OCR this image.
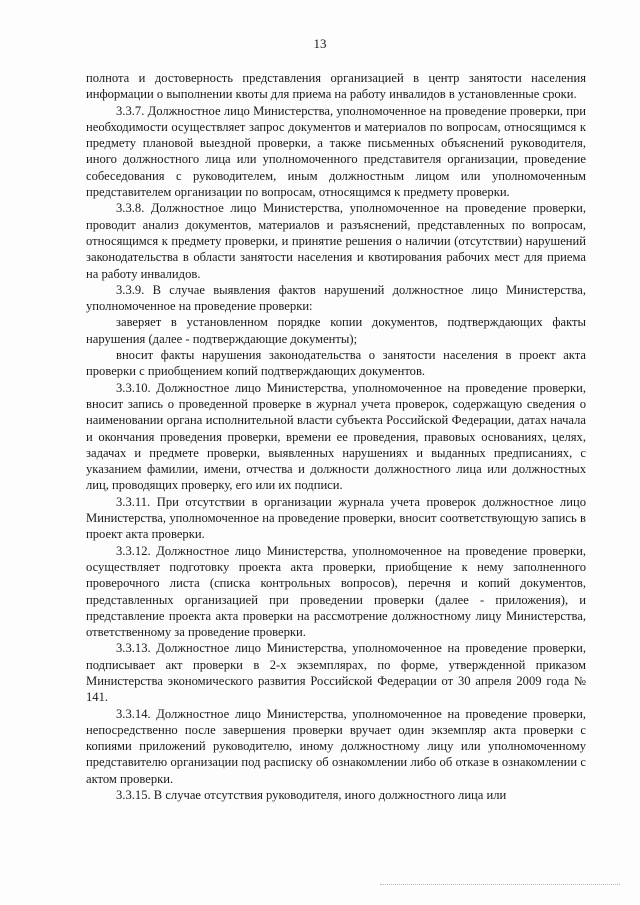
13

полнота и достоверность представления организацией в центр занятости населения информации о выполнении квоты для приема на работу инвалидов в установленные сроки.

3.3.7. Должностное лицо Министерства, уполномоченное на проведение проверки, при необходимости осуществляет запрос документов и материалов по вопросам, относящимся к предмету плановой выездной проверки, а также письменных объяснений руководителя, иного должностного лица или уполномоченного представителя организации, проведение собеседования с руководителем, иным должностным лицом или уполномоченным представителем организации по вопросам, относящимся к предмету проверки.

3.3.8. Должностное лицо Министерства, уполномоченное на проведение проверки, проводит анализ документов, материалов и разъяснений, представленных по вопросам, относящимся к предмету проверки, и принятие решения о наличии (отсутствии) нарушений законодательства в области занятости населения и квотирования рабочих мест для приема на работу инвалидов.

3.3.9. В случае выявления фактов нарушений должностное лицо Министерства, уполномоченное на проведение проверки:

заверяет в установленном порядке копии документов, подтверждающих факты нарушения (далее - подтверждающие документы);

вносит факты нарушения законодательства о занятости населения в проект акта проверки с приобщением копий подтверждающих документов.

3.3.10. Должностное лицо Министерства, уполномоченное на проведение проверки, вносит запись о проведенной проверке в журнал учета проверок, содержащую сведения о наименовании органа исполнительной власти субъекта Российской Федерации, датах начала и окончания проведения проверки, времени ее проведения, правовых основаниях, целях, задачах и предмете проверки, выявленных нарушениях и выданных предписаниях, с указанием фамилии, имени, отчества и должности должностного лица или должностных лиц, проводящих проверку, его или их подписи.

3.3.11. При отсутствии в организации журнала учета проверок должностное лицо Министерства, уполномоченное на проведение проверки, вносит соответствующую запись в проект акта проверки.

3.3.12. Должностное лицо Министерства, уполномоченное на проведение проверки, осуществляет подготовку проекта акта проверки, приобщение к нему заполненного проверочного листа (списка контрольных вопросов), перечня и копий документов, представленных организацией при проведении проверки (далее - приложения), и представление проекта акта проверки на рассмотрение должностному лицу Министерства, ответственному за проведение проверки.

3.3.13. Должностное лицо Министерства, уполномоченное на проведение проверки, подписывает акт проверки в 2-х экземплярах, по форме, утвержденной приказом Министерства экономического развития Российской Федерации от 30 апреля 2009 года № 141.

3.3.14. Должностное лицо Министерства, уполномоченное на проведение проверки, непосредственно после завершения проверки вручает один экземпляр акта проверки с копиями приложений руководителю, иному должностному лицу или уполномоченному представителю организации под расписку об ознакомлении либо об отказе в ознакомлении с актом проверки.

3.3.15. В случае отсутствия руководителя, иного должностного лица или
